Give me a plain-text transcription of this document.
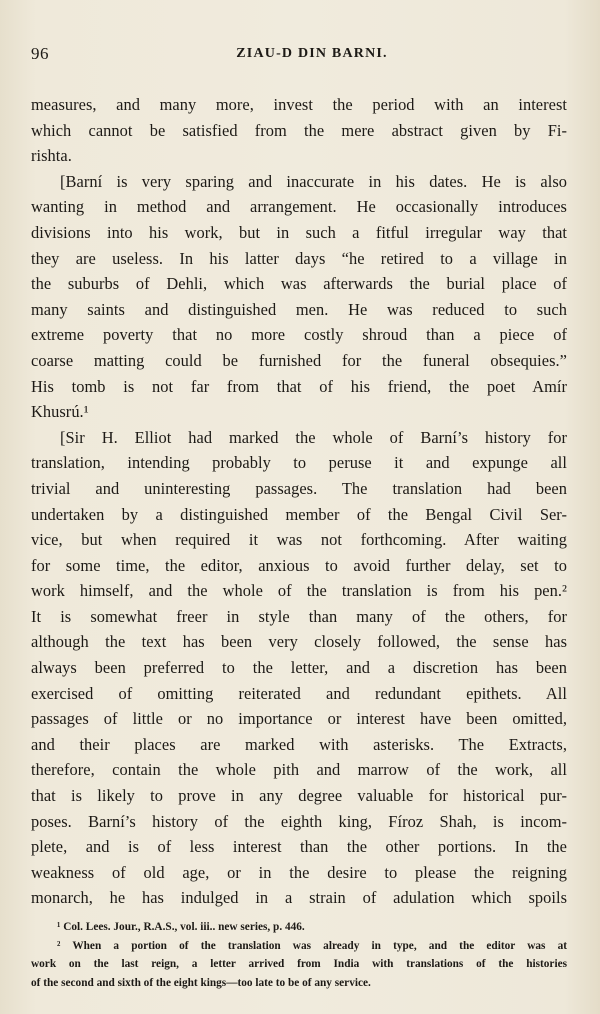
96	ZIAU-D DIN BARNI.
measures, and many more, invest the period with an interest
which cannot be satisfied from the mere abstract given by Fi-
rishta.
[Barní is very sparing and inaccurate in his dates. He is also
wanting in method and arrangement. He occasionally introduces
divisions into his work, but in such a fitful irregular way that
they are useless. In his latter days “he retired to a village in
the suburbs of Dehli, which was afterwards the burial place of
many saints and distinguished men. He was reduced to such
extreme poverty that no more costly shroud than a piece of
coarse matting could be furnished for the funeral obsequies.”
His tomb is not far from that of his friend, the poet Amír
Khusrú.¹
[Sir H. Elliot had marked the whole of Barní’s history for
translation, intending probably to peruse it and expunge all
trivial and uninteresting passages. The translation had been
undertaken by a distinguished member of the Bengal Civil Ser-
vice, but when required it was not forthcoming. After waiting
for some time, the editor, anxious to avoid further delay, set to
work himself, and the whole of the translation is from his pen.²
It is somewhat freer in style than many of the others, for
although the text has been very closely followed, the sense has
always been preferred to the letter, and a discretion has been
exercised of omitting reiterated and redundant epithets. All
passages of little or no importance or interest have been omitted,
and their places are marked with asterisks. The Extracts,
therefore, contain the whole pith and marrow of the work, all
that is likely to prove in any degree valuable for historical pur-
poses. Barní’s history of the eighth king, Fíroz Shah, is incom-
plete, and is of less interest than the other portions. In the
weakness of old age, or in the desire to please the reigning
monarch, he has indulged in a strain of adulation which spoils
¹ Col. Lees. Jour., R.A.S., vol. iii.. new series, p. 446.
² When a portion of the translation was already in type, and the editor was at
work on the last reign, a letter arrived from India with translations of the histories
of the second and sixth of the eight kings—too late to be of any service.
